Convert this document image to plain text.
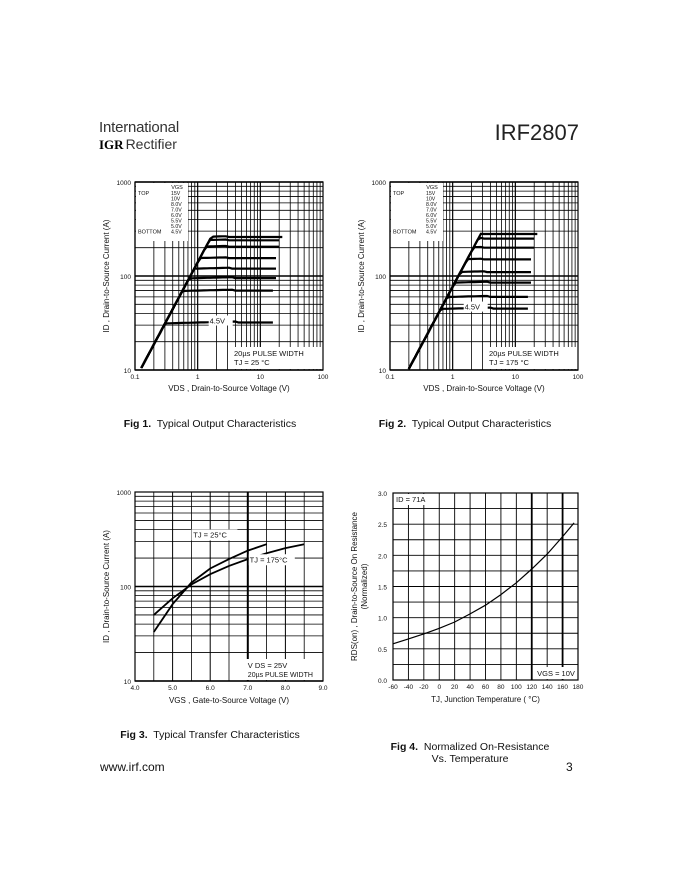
International
IGR Rectifier	IRF2807
VGS
TOP	15V
10V
8.0V
7.0V
6.0V
5.5V
5.0V
4.5V
BOTTOM
4.5V
20µs PULSE WIDTH
TJ = 25 °C
0.1	1	10	100
10
100
1000
VDS , Drain-to-Source Voltage (V)
ID , Drain-to-Source Current (A)
VGS
TOP	15V
10V
8.0V
7.0V
6.0V
5.5V
5.0V
4.5V
BOTTOM
4.5V
20µs PULSE WIDTH
TJ = 175 °C
0.1	1	10	100
10
100
1000
VDS , Drain-to-Source Voltage (V)
ID , Drain-to-Source Current (A)
TJ = 25°C
TJ = 175°C
V DS = 25V
20µs PULSE WIDTH
4.0	5.0	6.0	7.0	8.0	9.0
10
100
1000
VGS , Gate-to-Source Voltage (V)
ID , Drain-to-Source Current (A)
ID = 71A
VGS = 10V
-60 -40 -20 0 20 40 60 80 100 120 140 160 180
0.0
0.5
1.0
1.5
2.0
2.5
3.0
TJ, Junction Temperature ( °C)
RDS(on) , Drain-to-Source On Resistance (Normalized)
Fig 1. Typical Output Characteristics	Fig 2. Typical Output Characteristics
Fig 3. Typical Transfer Characteristics

Fig 4. Normalized On-Resistance
Vs. Temperature

www.irf.com	3
